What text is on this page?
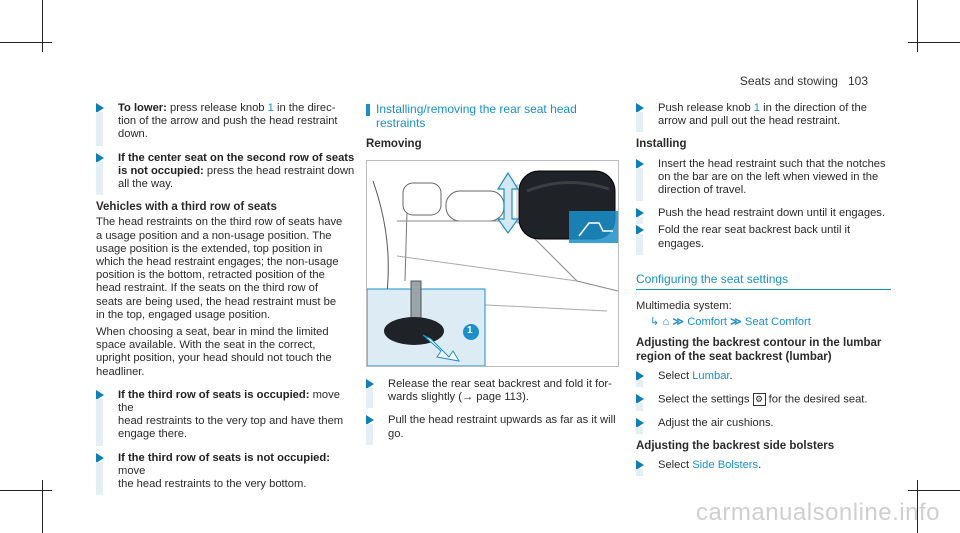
Seats and stowing 103

To lower: press release knob 1 in the direc-

tion of the arrow and push the head restraint

down.

If the center seat on the second row of seats

is not occupied: press the head restraint down

all the way.

Vehicles with a third row of seats

The head restraints on the third row of seats have

a usage position and a non-usage position. The

usage position is the extended, top position in

which the head restraint engages; the non-usage

position is the bottom, retracted position of the

head restraint. If the seats on the third row of

seats are being used, the head restraint must be

in the top, engaged usage position.

When choosing a seat, bear in mind the limited

space available. With the seat in the correct,

upright position, your head should not touch the

headliner.

If the third row of seats is occupied: move the

head restraints to the very top and have them

engage there.

If the third row of seats is not occupied: move

the head restraints to the very bottom.

Installing/removing the rear seat head
restraints
Removing
1

Release the rear seat backrest and fold it for-

wards slightly (→ page 113).

Pull the head restraint upwards as far as it will

go.

Push release knob 1 in the direction of the

arrow and pull out the head restraint.

Installing

Insert the head restraint such that the notches

on the bar are on the left when viewed in the

direction of travel.

Push the head restraint down until it engages.

Fold the rear seat backrest back until it

engages.

Configuring the seat settings

Multimedia system:

↳ ⌂ ≫ Comfort ≫ Seat Comfort

Adjusting the backrest contour in the lumbar
region of the seat backrest (lumbar)

Select Lumbar.

Select the settings ⚙ for the desired seat.

Adjust the air cushions.

Adjusting the backrest side bolsters

Select Side Bolsters.

carmanualsonline.info
